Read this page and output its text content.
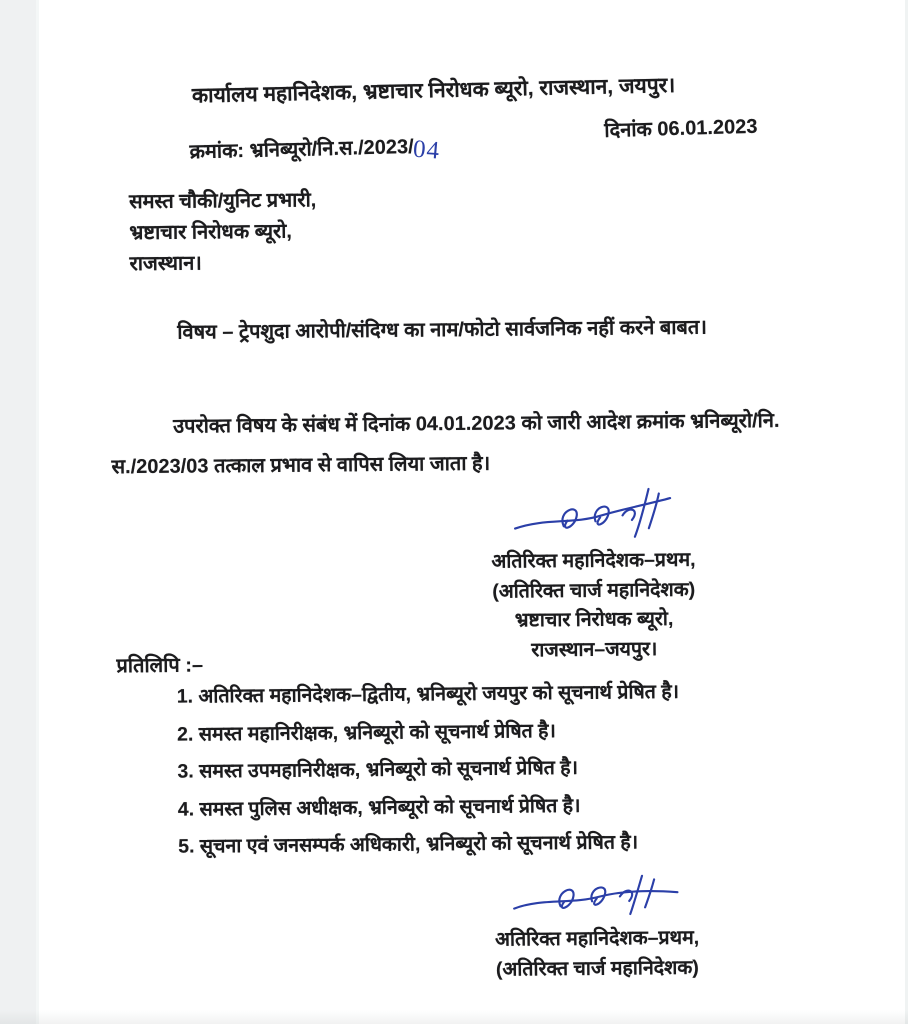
कार्यालय महानिदेशक, भ्रष्टाचार निरोधक ब्यूरो, राजस्थान, जयपुर।
क्रमांक: भ्रनिब्यूरो/नि.स./2023/04
दिनांक 06.01.2023
समस्त चौकी/युनिट प्रभारी,
भ्रष्टाचार निरोधक ब्यूरो,
राजस्थान।
विषय – ट्रेपशुदा आरोपी/संदिग्ध का नाम/फोटो सार्वजनिक नहीं करने बाबत।
उपरोक्त विषय के संबंध में दिनांक 04.01.2023 को जारी आदेश क्रमांक भ्रनिब्यूरो/नि.
स./2023/03 तत्काल प्रभाव से वापिस लिया जाता है।
अतिरिक्त महानिदेशक–प्रथम,
(अतिरिक्त चार्ज महानिदेशक)
भ्रष्टाचार निरोधक ब्यूरो,
राजस्थान–जयपुर।
प्रतिलिपि :–
1. अतिरिक्त महानिदेशक–द्वितीय, भ्रनिब्यूरो जयपुर को सूचनार्थ प्रेषित है।
2. समस्त महानिरीक्षक, भ्रनिब्यूरो को सूचनार्थ प्रेषित है।
3. समस्त उपमहानिरीक्षक, भ्रनिब्यूरो को सूचनार्थ प्रेषित है।
4. समस्त पुलिस अधीक्षक, भ्रनिब्यूरो को सूचनार्थ प्रेषित है।
5. सूचना एवं जनसम्पर्क अधिकारी, भ्रनिब्यूरो को सूचनार्थ प्रेषित है।
अतिरिक्त महानिदेशक–प्रथम,
(अतिरिक्त चार्ज महानिदेशक)
